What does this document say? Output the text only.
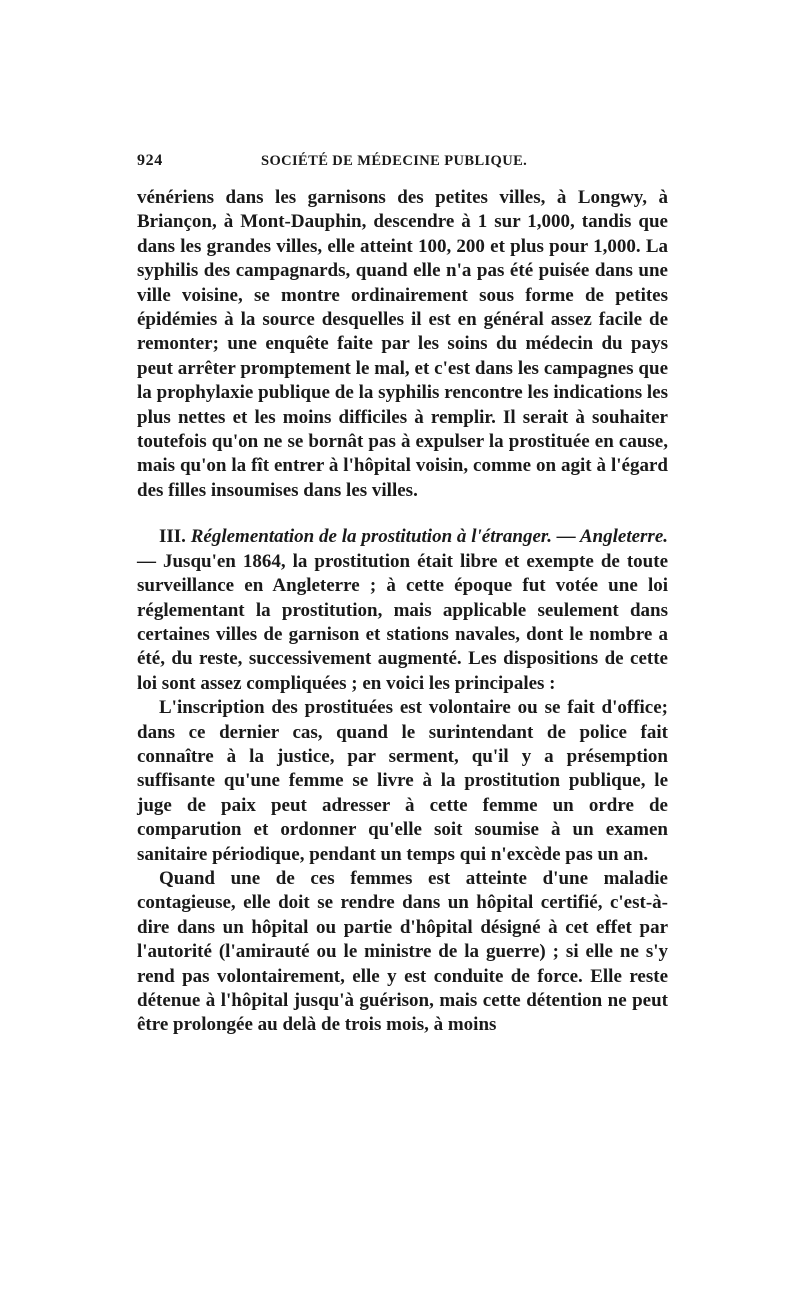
924	SOCIÉTÉ DE MÉDECINE PUBLIQUE.

vénériens dans les garnisons des petites villes, à Longwy, à Briançon, à Mont-Dauphin, descendre à 1 sur 1,000, tandis que dans les grandes villes, elle atteint 100, 200 et plus pour 1,000. La syphilis des campagnards, quand elle n'a pas été puisée dans une ville voisine, se montre ordinairement sous forme de petites épidémies à la source desquelles il est en général assez facile de remonter; une enquête faite par les soins du médecin du pays peut arrêter promptement le mal, et c'est dans les campagnes que la prophylaxie publique de la syphilis rencontre les indications les plus nettes et les moins difficiles à remplir. Il serait à souhaiter toutefois qu'on ne se bornât pas à expulser la prostituée en cause, mais qu'on la fît entrer à l'hôpital voisin, comme on agit à l'égard des filles insoumises dans les villes.

III. Réglementation de la prostitution à l'étranger. — Angleterre. — Jusqu'en 1864, la prostitution était libre et exempte de toute surveillance en Angleterre ; à cette époque fut votée une loi réglementant la prostitution, mais applicable seulement dans certaines villes de garnison et stations navales, dont le nombre a été, du reste, successivement augmenté. Les dispositions de cette loi sont assez compliquées ; en voici les principales :

L'inscription des prostituées est volontaire ou se fait d'office; dans ce dernier cas, quand le surintendant de police fait connaître à la justice, par serment, qu'il y a présemption suffisante qu'une femme se livre à la prostitution publique, le juge de paix peut adresser à cette femme un ordre de comparution et ordonner qu'elle soit soumise à un examen sanitaire périodique, pendant un temps qui n'excède pas un an.

Quand une de ces femmes est atteinte d'une maladie contagieuse, elle doit se rendre dans un hôpital certifié, c'est-à-dire dans un hôpital ou partie d'hôpital désigné à cet effet par l'autorité (l'amirauté ou le ministre de la guerre) ; si elle ne s'y rend pas volontairement, elle y est conduite de force. Elle reste détenue à l'hôpital jusqu'à guérison, mais cette détention ne peut être prolongée au delà de trois mois, à moins
